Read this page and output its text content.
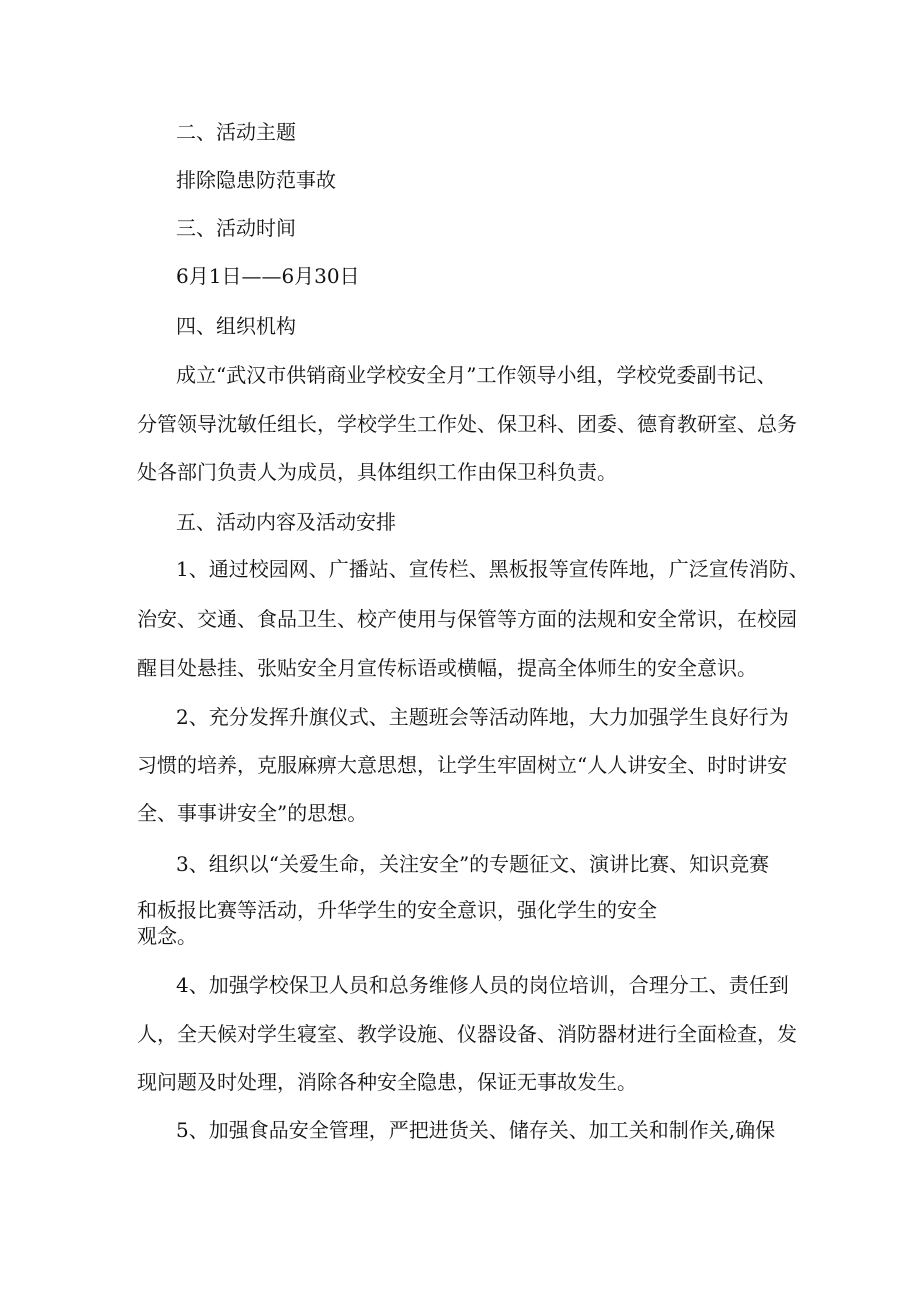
二、活动主题
排除隐患防范事故
三、活动时间
6月1日——6月30日
四、组织机构
成立“武汉市供销商业学校安全月”工作领导小组，学校党委副书记、
分管领导沈敏任组长，学校学生工作处、保卫科、团委、德育教研室、总务
处各部门负责人为成员，具体组织工作由保卫科负责。
五、活动内容及活动安排
1、通过校园网、广播站、宣传栏、黑板报等宣传阵地，广泛宣传消防、
治安、交通、食品卫生、校产使用与保管等方面的法规和安全常识，在校园
醒目处悬挂、张贴安全月宣传标语或横幅，提高全体师生的安全意识。
2、充分发挥升旗仪式、主题班会等活动阵地，大力加强学生良好行为
习惯的培养，克服麻痹大意思想，让学生牢固树立“人人讲安全、时时讲安
全、事事讲安全”的思想。
3、组织以“关爱生命，关注安全”的专题征文、演讲比赛、知识竞赛
和板报比赛等活动，升华学生的安全意识，强化学生的安全
观念。
4、加强学校保卫人员和总务维修人员的岗位培训，合理分工、责任到
人，全天候对学生寝室、教学设施、仪器设备、消防器材进行全面检查，发
现问题及时处理，消除各种安全隐患，保证无事故发生。
5、加强食品安全管理，严把进货关、储存关、加工关和制作关,确保
